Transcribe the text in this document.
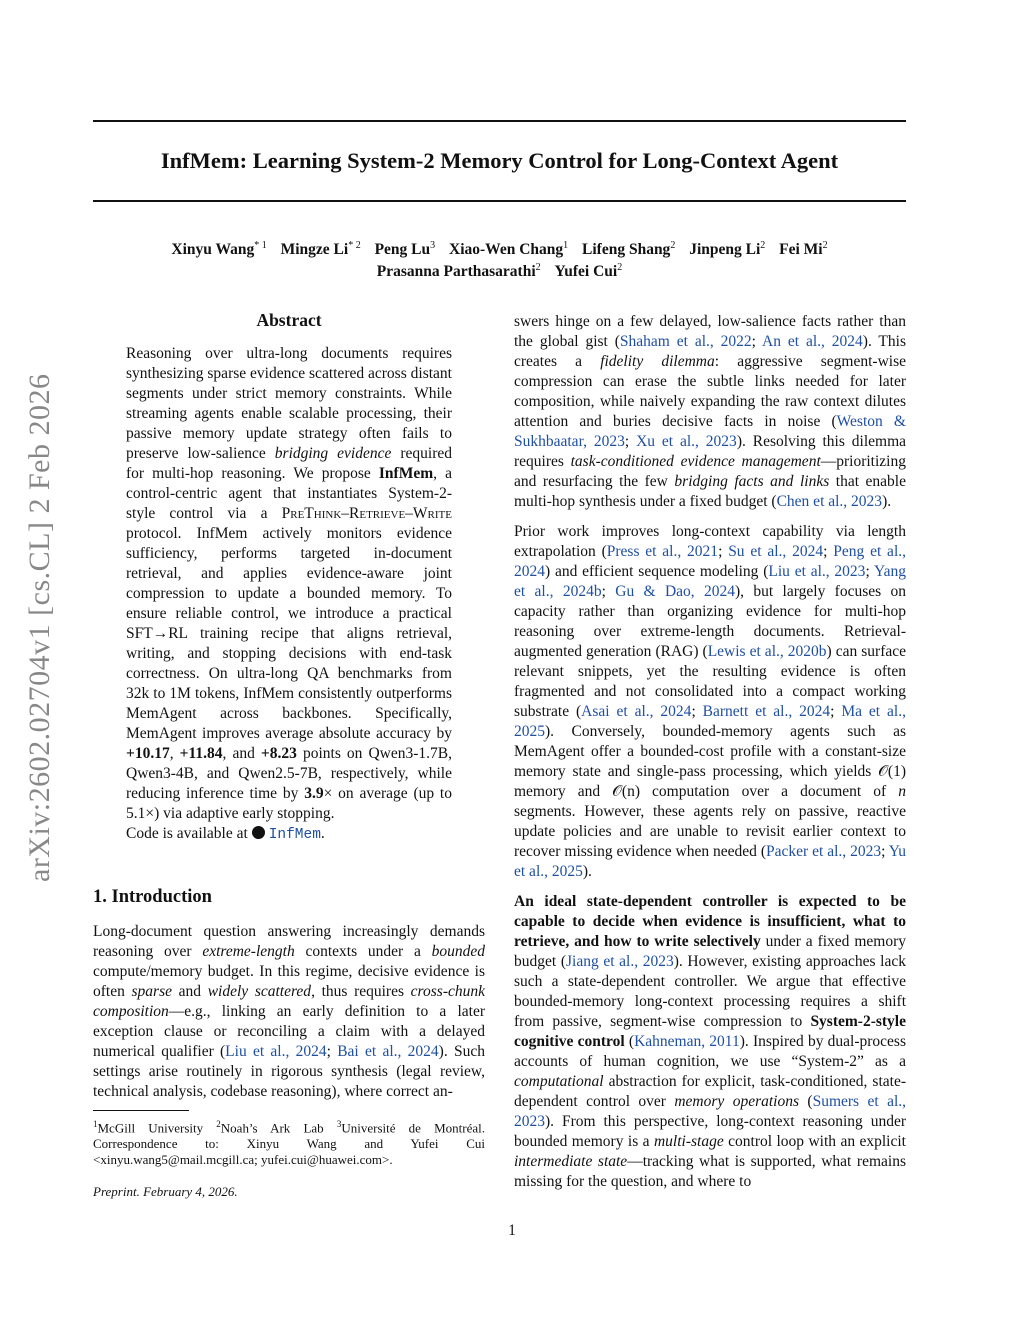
InfMem: Learning System-2 Memory Control for Long-Context Agent
Xinyu Wang$^{* 1}$ Mingze Li$^{* 2}$ Peng Lu$^3$ Xiao-Wen Chang$^1$ Lifeng Shang$^2$ Jinpeng Li$^2$ Fei Mi$^2$
Prasanna Parthasarathi$^2$ Yufei Cui$^2$
arXiv:2602.02704v1 [cs.CL] 2 Feb 2026
Abstract

Reasoning over ultra-long documents requires synthesizing sparse evidence scattered across distant segments under strict memory constraints. While streaming agents enable scalable processing, their passive memory update strategy often fails to preserve low-salience bridging evidence required for multi-hop reasoning. We propose InfMem, a control-centric agent that instantiates System-2-style control via a PreThink–Retrieve–Write protocol. InfMem actively monitors evidence sufficiency, performs targeted in-document retrieval, and applies evidence-aware joint compression to update a bounded memory. To ensure reliable control, we introduce a practical SFT→RL training recipe that aligns retrieval, writing, and stopping decisions with end-task correctness. On ultra-long QA benchmarks from 32k to 1M tokens, InfMem consistently outperforms MemAgent across backbones. Specifically, MemAgent improves average absolute accuracy by +10.17, +11.84, and +8.23 points on Qwen3-1.7B, Qwen3-4B, and Qwen2.5-7B, respectively, while reducing inference time by 3.9× on average (up to 5.1×) via adaptive early stopping.

Code is available at InfMem.

1. Introduction

Long-document question answering increasingly demands reasoning over extreme-length contexts under a bounded compute/memory budget. In this regime, decisive evidence is often sparse and widely scattered, thus requires cross-chunk composition—e.g., linking an early definition to a later exception clause or reconciling a claim with a delayed numerical qualifier (Liu et al., 2024; Bai et al., 2024). Such settings arise routinely in rigorous synthesis (legal review, technical analysis, codebase reasoning), where correct an-

$^1$McGill University $^2$Noah’s Ark Lab $^3$Université de Montréal. Correspondence to: Xinyu Wang and Yufei Cui <xinyu.wang5@mail.mcgill.ca; yufei.cui@huawei.com>.
Preprint. February 4, 2026.

swers hinge on a few delayed, low-salience facts rather than the global gist (Shaham et al., 2022; An et al., 2024). This creates a fidelity dilemma: aggressive segment-wise compression can erase the subtle links needed for later composition, while naively expanding the raw context dilutes attention and buries decisive facts in noise (Weston & Sukhbaatar, 2023; Xu et al., 2023). Resolving this dilemma requires task-conditioned evidence management—prioritizing and resurfacing the few bridging facts and links that enable multi-hop synthesis under a fixed budget (Chen et al., 2023).

Prior work improves long-context capability via length extrapolation (Press et al., 2021; Su et al., 2024; Peng et al., 2024) and efficient sequence modeling (Liu et al., 2023; Yang et al., 2024b; Gu & Dao, 2024), but largely focuses on capacity rather than organizing evidence for multi-hop reasoning over extreme-length documents. Retrieval-augmented generation (RAG) (Lewis et al., 2020b) can surface relevant snippets, yet the resulting evidence is often fragmented and not consolidated into a compact working substrate (Asai et al., 2024; Barnett et al., 2024; Ma et al., 2025). Conversely, bounded-memory agents such as MemAgent offer a bounded-cost profile with a constant-size memory state and single-pass processing, which yields 𝒪(1) memory and 𝒪(n) computation over a document of n segments. However, these agents rely on passive, reactive update policies and are unable to revisit earlier context to recover missing evidence when needed (Packer et al., 2023; Yu et al., 2025).

An ideal state-dependent controller is expected to be capable to decide when evidence is insufficient, what to retrieve, and how to write selectively under a fixed memory budget (Jiang et al., 2023). However, existing approaches lack such a state-dependent controller. We argue that effective bounded-memory long-context processing requires a shift from passive, segment-wise compression to System-2-style cognitive control (Kahneman, 2011). Inspired by dual-process accounts of human cognition, we use “System-2” as a computational abstraction for explicit, task-conditioned, state-dependent control over memory operations (Sumers et al., 2023). From this perspective, long-context reasoning under bounded memory is a multi-stage control loop with an explicit intermediate state—tracking what is supported, what remains missing for the question, and where to

1
